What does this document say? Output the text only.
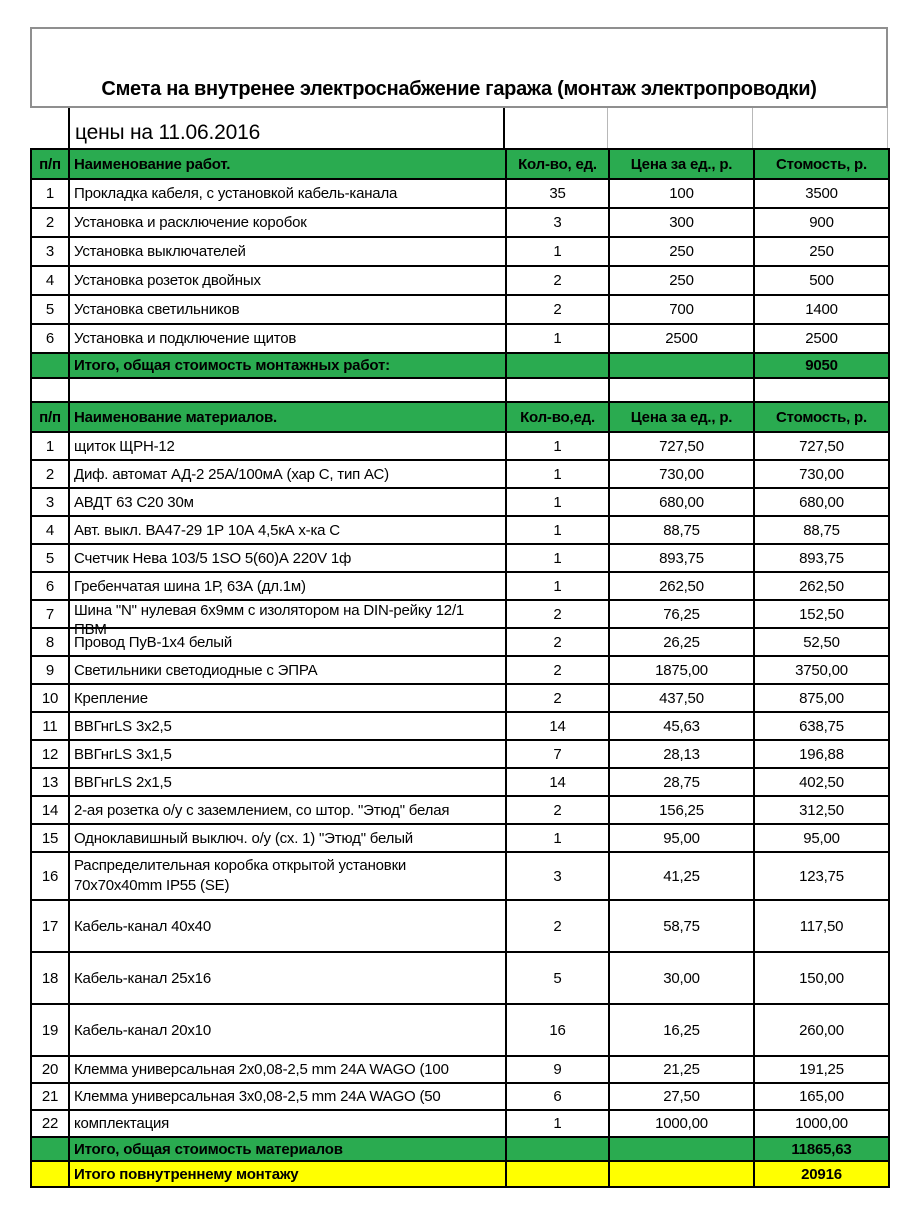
Смета на внутренее электроснабжение гаража (монтаж электропроводки)
цены на 11.06.2016
п/п	Наименование работ.	Кол-во, ед.	Цена за ед., р.	Стомость, р.
1	Прокладка кабеля, с установкой кабель-канала	35	100	3500
2	Установка и расключение коробок	3	300	900
3	Установка выключателей	1	250	250
4	Установка розеток двойных	2	250	500
5	Установка светильников	2	700	1400
6	Установка и подключение щитов	1	2500	2500
	Итого, общая стоимость монтажных работ:			9050

п/п	Наименование материалов.	Кол-во,ед.	Цена за ед., р.	Стомость, р.
1	щиток ЩРН-12	1	727,50	727,50
2	Диф. автомат АД-2 25А/100мА (хар С, тип АС)	1	730,00	730,00
3	АВДТ 63 С20 30м	1	680,00	680,00
4	Авт. выкл. ВА47-29 1Р 10А 4,5кА х-ка С	1	88,75	88,75
5	Счетчик Нева 103/5 1SO 5(60)А 220V 1ф	1	893,75	893,75
6	Гребенчатая шина 1Р, 63А (дл.1м)	1	262,50	262,50
7	Шина "N" нулевая 6х9мм с изолятором на DIN-рейку 12/1
ПВМ	2	76,25	152,50
8	Провод ПуВ-1х4 белый	2	26,25	52,50
9	Светильники светодиодные с ЭПРА	2	1875,00	3750,00
10	Крепление	2	437,50	875,00
11	ВВГнгLS 3х2,5	14	45,63	638,75
12	ВВГнгLS 3х1,5	7	28,13	196,88
13	ВВГнгLS 2х1,5	14	28,75	402,50
14	2-ая розетка о/у с заземлением, со штор. "Этюд" белая	2	156,25	312,50
15	Одноклавишный выключ. о/у (сх. 1) "Этюд" белый	1	95,00	95,00
16	Распределительная коробка открытой установки
70х70х40mm IP55 (SE)	3	41,25	123,75
17	Кабель-канал 40х40	2	58,75	117,50
18	Кабель-канал 25х16	5	30,00	150,00
19	Кабель-канал 20х10	16	16,25	260,00
20	Клемма универсальная 2х0,08-2,5 mm 24A WAGO (100	9	21,25	191,25
21	Клемма универсальная 3х0,08-2,5 mm 24A WAGO (50	6	27,50	165,00
22	комплектация	1	1000,00	1000,00
	Итого, общая стоимость материалов			11865,63
	Итого повнутреннему монтажу			20916
